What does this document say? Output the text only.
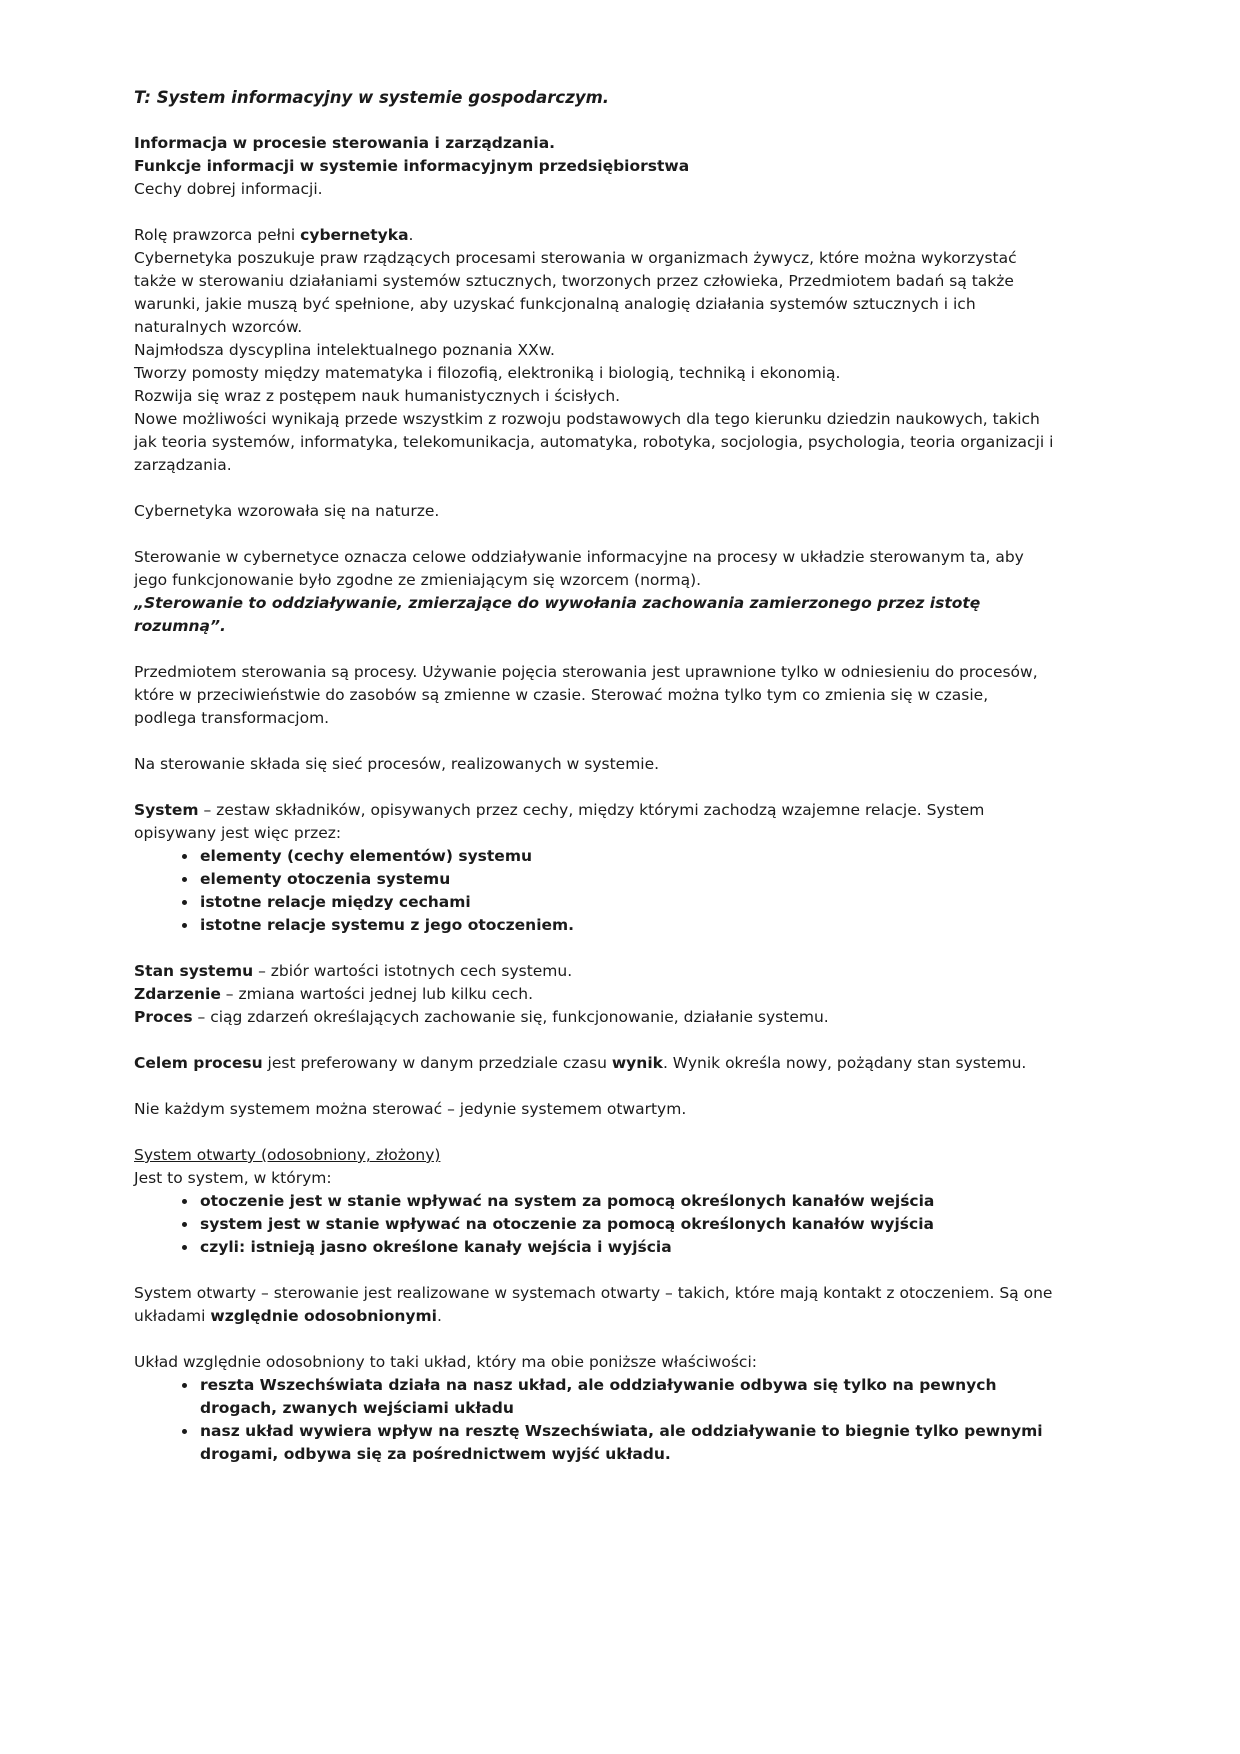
T: System informacyjny w systemie gospodarczym.

Informacja w procesie sterowania i zarządzania.

Funkcje informacji w systemie informacyjnym przedsiębiorstwa

Cechy dobrej informacji.

Rolę prawzorca pełni cybernetyka.

Cybernetyka poszukuje praw rządzących procesami sterowania w organizmach żywycz, które można wykorzystać także w sterowaniu działaniami systemów sztucznych, tworzonych przez człowieka, Przedmiotem badań są także warunki, jakie muszą być spełnione, aby uzyskać funkcjonalną analogię działania systemów sztucznych i ich naturalnych wzorców.

Najmłodsza dyscyplina intelektualnego poznania XXw.

Tworzy pomosty między matematyka i filozofią, elektroniką i biologią, techniką i ekonomią.

Rozwija się wraz z postępem nauk humanistycznych i ścisłych.

Nowe możliwości wynikają przede wszystkim z rozwoju podstawowych dla tego kierunku dziedzin naukowych, takich jak teoria systemów, informatyka, telekomunikacja, automatyka, robotyka, socjologia, psychologia, teoria organizacji i zarządzania.

Cybernetyka wzorowała się na naturze.

Sterowanie w cybernetyce oznacza celowe oddziaływanie informacyjne na procesy w układzie sterowanym ta, aby jego funkcjonowanie było zgodne ze zmieniającym się wzorcem (normą).

„Sterowanie to oddziaływanie, zmierzające do wywołania zachowania zamierzonego przez istotę rozumną”.

Przedmiotem sterowania są procesy. Używanie pojęcia sterowania jest uprawnione tylko w odniesieniu do procesów, które w przeciwieństwie do zasobów są zmienne w czasie. Sterować można tylko tym co zmienia się w czasie, podlega transformacjom.

Na sterowanie składa się sieć procesów, realizowanych w systemie.

System – zestaw składników, opisywanych przez cechy, między którymi zachodzą wzajemne relacje. System opisywany jest więc przez:

• elementy (cechy elementów) systemu
• elementy otoczenia systemu
• istotne relacje między cechami
• istotne relacje systemu z jego otoczeniem.

Stan systemu – zbiór wartości istotnych cech systemu.

Zdarzenie – zmiana wartości jednej lub kilku cech.

Proces – ciąg zdarzeń określających zachowanie się, funkcjonowanie, działanie systemu.

Celem procesu jest preferowany w danym przedziale czasu wynik. Wynik określa nowy, pożądany stan systemu.

Nie każdym systemem można sterować – jedynie systemem otwartym.

System otwarty (odosobniony, złożony)

Jest to system, w którym:

• otoczenie jest w stanie wpływać na system za pomocą określonych kanałów wejścia
• system jest w stanie wpływać na otoczenie za pomocą określonych kanałów wyjścia
• czyli: istnieją jasno określone kanały wejścia i wyjścia

System otwarty – sterowanie jest realizowane w systemach otwarty – takich, które mają kontakt z otoczeniem. Są one układami względnie odosobnionymi.

Układ względnie odosobniony to taki układ, który ma obie poniższe właściwości:

• reszta Wszechświata działa na nasz układ, ale oddziaływanie odbywa się tylko na pewnych drogach, zwanych wejściami układu
• nasz układ wywiera wpływ na resztę Wszechświata, ale oddziaływanie to biegnie tylko pewnymi drogami, odbywa się za pośrednictwem wyjść układu.
